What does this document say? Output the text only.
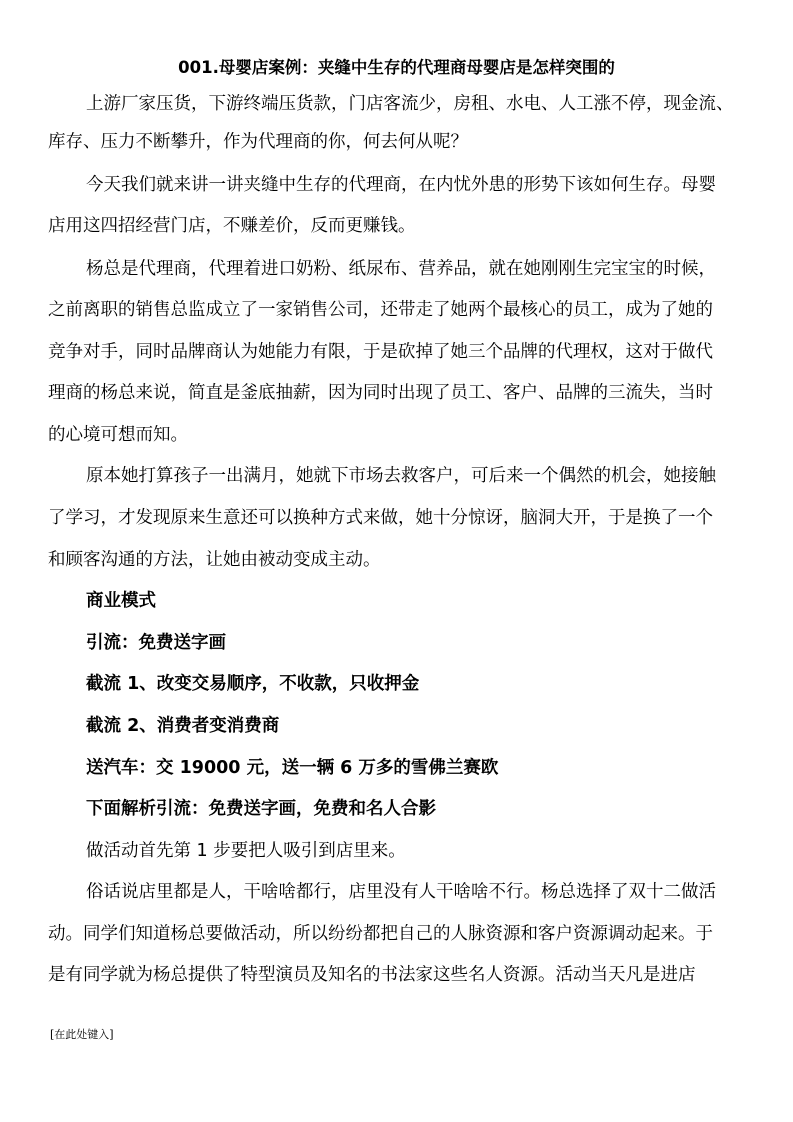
001.母婴店案例：夹缝中生存的代理商母婴店是怎样突围的
上游厂家压货，下游终端压货款，门店客流少，房租、水电、人工涨不停，现金流、
库存、压力不断攀升，作为代理商的你，何去何从呢？
今天我们就来讲一讲夹缝中生存的代理商，在内忧外患的形势下该如何生存。母婴
店用这四招经营门店，不赚差价，反而更赚钱。
杨总是代理商，代理着进口奶粉、纸尿布、营养品，就在她刚刚生完宝宝的时候，
之前离职的销售总监成立了一家销售公司，还带走了她两个最核心的员工，成为了她的
竞争对手，同时品牌商认为她能力有限，于是砍掉了她三个品牌的代理权，这对于做代
理商的杨总来说，简直是釜底抽薪，因为同时出现了员工、客户、品牌的三流失，当时
的心境可想而知。
原本她打算孩子一出满月，她就下市场去救客户，可后来一个偶然的机会，她接触
了学习，才发现原来生意还可以换种方式来做，她十分惊讶，脑洞大开，于是换了一个
和顾客沟通的方法，让她由被动变成主动。
商业模式
引流：免费送字画
截流 1、改变交易顺序，不收款，只收押金
截流 2、消费者变消费商
送汽车：交 19000 元，送一辆 6 万多的雪佛兰赛欧
下面解析引流：免费送字画，免费和名人合影
做活动首先第 1 步要把人吸引到店里来。
俗话说店里都是人，干啥啥都行，店里没有人干啥啥不行。杨总选择了双十二做活
动。同学们知道杨总要做活动，所以纷纷都把自己的人脉资源和客户资源调动起来。于
是有同学就为杨总提供了特型演员及知名的书法家这些名人资源。活动当天凡是进店
[在此处键入]
